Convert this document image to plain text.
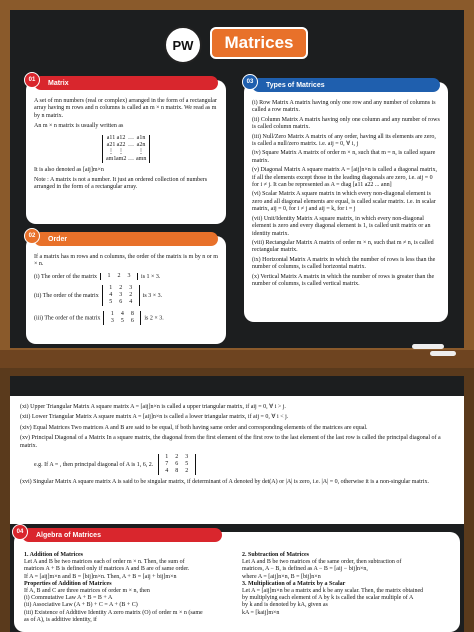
PW	Matrices
Matrix
01

A set of mn numbers (real or complex) arranged in the form of a rectangular array having m rows and n columns is called an m × n matrix. We read as m by n matrix.

An m × n matrix is usually written as

a11a12 … a1n
a21a22 … a2n
⋮ ⋮ ⋮
am1am2 … amn

It is also denoted as [aij]m×n

Note : A matrix is not a number. It just an ordered collection of numbers arranged in the form of a rectangular array.

Order
02

If a matrix has m rows and n columns, the order of the matrix is m by n or m × n.

(i) The order of the matrix 1 2 3 is 1 × 3.

(ii) The order of the matrix1 2 3
4 3 2
5 6 4is 3 × 3.

(iii) The order of the matrix1 4 8
3 5 6 is 2 × 3.

Types of Matrices
03
(i) Row Matrix A matrix having only one row and any number of columns is called a row matrix.
(ii) Column Matrix A matrix having only one column and any number of rows is called column matrix.
(iii) Null/Zero Matrix A matrix of any order, having all its elements are zero, is called a null/zero matrix. i.e. aij = 0, ∀ i, j
(iv) Square Matrix A matrix of order m × n, such that m = n, is called square matrix.
(v) Diagonal Matrix A square matrix A = [aij]n×n is called a diagonal matrix, if all the elements except those in the leading diagonals are zero, i.e. aij = 0 for i ≠ j. It can be represented as A = diag [a11 a22 ... ann]
(vi) Scalar Matrix A square matrix in which every non-diagonal element is zero and all diagonal elements are equal, is called scalar matrix. i.e. in scalar matrix, aij = 0, for i ≠ j and aij = k, for i = j
(vii) Unit/Identity Matrix A square matrix, in which every non-diagonal element is zero and every diagonal element is 1, is called unit matrix or an identity matrix.
(viii) Rectangular Matrix A matrix of order m × n, such that m ≠ n, is called rectangular matrix.
(ix) Horizontal Matrix A matrix in which the number of rows is less than the number of columns, is called horizontal matrix.
(x) Vertical Matrix A matrix in which the number of rows is greater than the number of columns, is called vertical matrix.
(xi) Upper Triangular Matrix A square matrix A = [aij]n×n is called a upper triangular matrix, if aij = 0, ∀ i > j.
(xii) Lower Triangular Matrix A square matrix A = [aij]n×n is called a lower triangular matrix, if aij = 0, ∀ i < j.
(xiv) Equal Matrices Two matrices A and B are said to be equal, if both having same order and corresponding elements of the matrices are equal.
(xv) Principal Diagonal of a Matrix In a square matrix, the diagonal from the first element of the first row to the last element of the last row is called the principal diagonal of a matrix.
e.g. If A = , then principal diagonal of A is 1, 6, 2. 1 2 3
7 6 5
4 8 2
(xvi) Singular Matrix A square matrix A is said to be singular matrix, if determinant of A denoted by det(A) or |A| is zero, i.e. |A| = 0, otherwise it is a non-singular matrix.
Algebra of Matrices
04
1. Addition of Matrices
Let A and B be two matrices each of order m × n. Then, the sum of
matrices A + B is defined only if matrices A and B are of same order.
If A = [aij]m×n and B = [bij]m×n. Then, A + B = [aij + bij]m×n
Properties of Addition of Matrices
If A, B and C are three matrices of order m × n, then
(i) Commutative Law A + B = B + A
(ii) Associative Law (A + B) + C = A + (B + C)
(iii) Existence of Additive Identity A zero matrix (O) of order m × n (same
as of A), is additive identity, if
2. Subtraction of Matrices
Let A and B be two matrices of the same order, then subtraction of
matrices, A − B, is defined as A − B = [aij − bij]n×n,
where A = [aij]n×n, B = [bij]n×n
3. Multiplication of a Matrix by a Scalar
Let A = [aij]m×n be a matrix and k be any scalar. Then, the matrix obtained
by multiplying each element of A by k is called the scalar multiple of A
by k and is denoted by kA, given as
kA = [kaij]m×n
